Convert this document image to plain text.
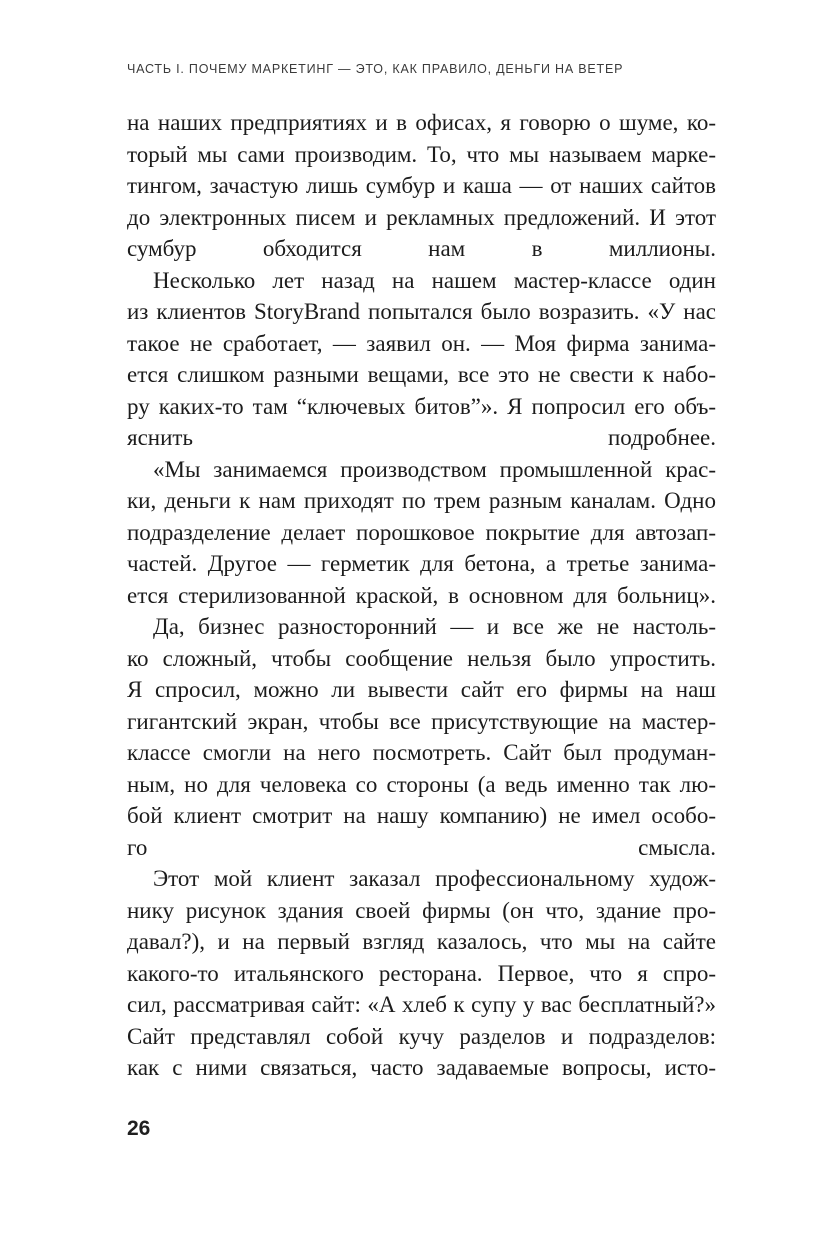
ЧАСТЬ I. ПОЧЕМУ МАРКЕТИНГ — ЭТО, КАК ПРАВИЛО, ДЕНЬГИ НА ВЕТЕР
на наших предприятиях и в офисах, я говорю о шуме, ко-
торый мы сами производим. То, что мы называем марке-
тингом, зачастую лишь сумбур и каша — от наших сайтов
до электронных писем и рекламных предложений. И этот
сумбур обходится нам в миллионы.
Несколько лет назад на нашем мастер-классе один
из клиентов StoryBrand попытался было возразить. «У нас
такое не сработает, — заявил он. — Моя фирма занима-
ется слишком разными вещами, все это не свести к набо-
ру каких-то там “ключевых битов”». Я попросил его объ-
яснить подробнее.
«Мы занимаемся производством промышленной крас-
ки, деньги к нам приходят по трем разным каналам. Одно
подразделение делает порошковое покрытие для автозап-
частей. Другое — герметик для бетона, а третье занима-
ется стерилизованной краской, в основном для больниц».
Да, бизнес разносторонний — и все же не настоль-
ко сложный, чтобы сообщение нельзя было упростить.
Я спросил, можно ли вывести сайт его фирмы на наш
гигантский экран, чтобы все присутствующие на мастер-
классе смогли на него посмотреть. Сайт был продуман-
ным, но для человека со стороны (а ведь именно так лю-
бой клиент смотрит на нашу компанию) не имел особо-
го смысла.
Этот мой клиент заказал профессиональному худож-
нику рисунок здания своей фирмы (он что, здание про-
давал?), и на первый взгляд казалось, что мы на сайте
какого-то итальянского ресторана. Первое, что я спро-
сил, рассматривая сайт: «А хлеб к супу у вас бесплатный?»
Сайт представлял собой кучу разделов и подразделов:
как с ними связаться, часто задаваемые вопросы, исто-
26
